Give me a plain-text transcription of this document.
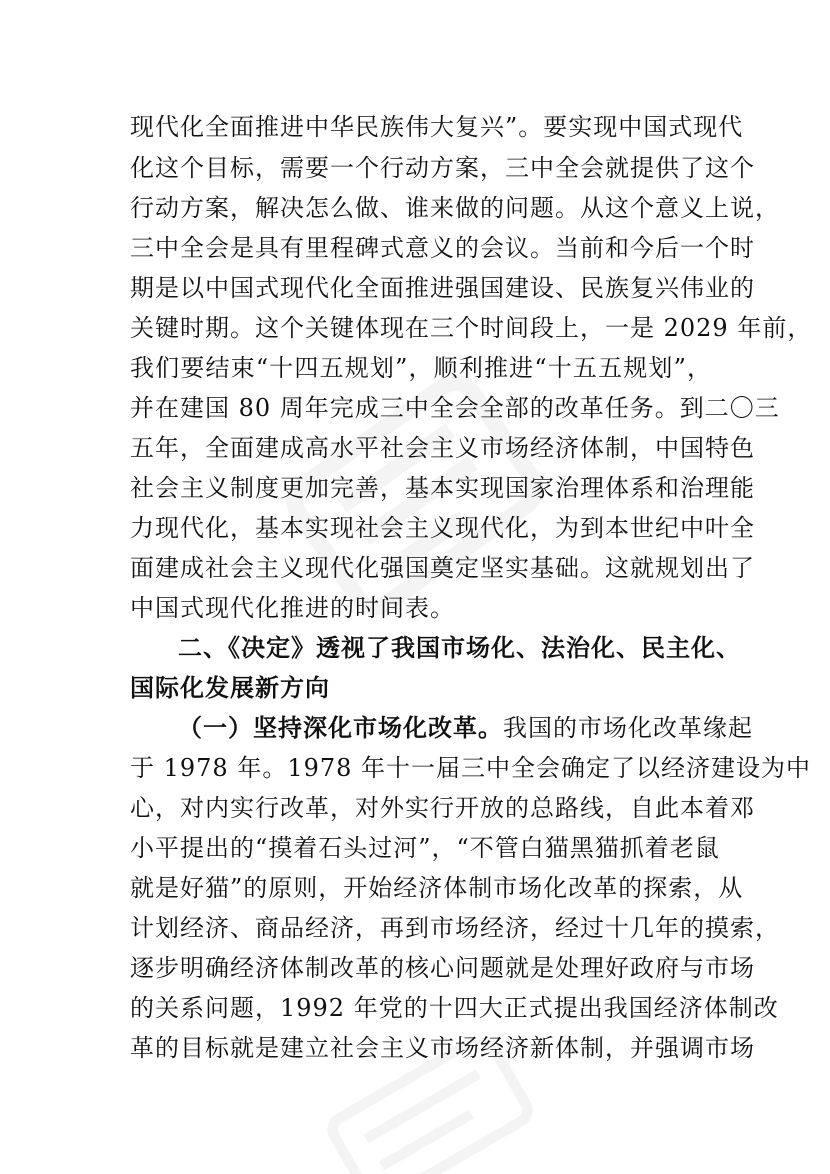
现代化全面推进中华民族伟大复兴”。要实现中国式现代

化这个目标，需要一个行动方案，三中全会就提供了这个

行动方案，解决怎么做、谁来做的问题。从这个意义上说，

三中全会是具有里程碑式意义的会议。当前和今后一个时

期是以中国式现代化全面推进强国建设、民族复兴伟业的

关键时期。这个关键体现在三个时间段上，一是 2029 年前，

我们要结束“十四五规划”，顺利推进“十五五规划”，

并在建国 80 周年完成三中全会全部的改革任务。到二〇三

五年，全面建成高水平社会主义市场经济体制，中国特色

社会主义制度更加完善，基本实现国家治理体系和治理能

力现代化，基本实现社会主义现代化，为到本世纪中叶全

面建成社会主义现代化强国奠定坚实基础。这就规划出了

中国式现代化推进的时间表。

二、《决定》透视了我国市场化、法治化、民主化、

国际化发展新方向

（一）坚持深化市场化改革。我国的市场化改革缘起

于 1978 年。1978 年十一届三中全会确定了以经济建设为中

心，对内实行改革，对外实行开放的总路线，自此本着邓

小平提出的“摸着石头过河”，“不管白猫黑猫抓着老鼠

就是好猫”的原则，开始经济体制市场化改革的探索，从

计划经济、商品经济，再到市场经济，经过十几年的摸索，

逐步明确经济体制改革的核心问题就是处理好政府与市场

的关系问题，1992 年党的十四大正式提出我国经济体制改

革的目标就是建立社会主义市场经济新体制，并强调市场
